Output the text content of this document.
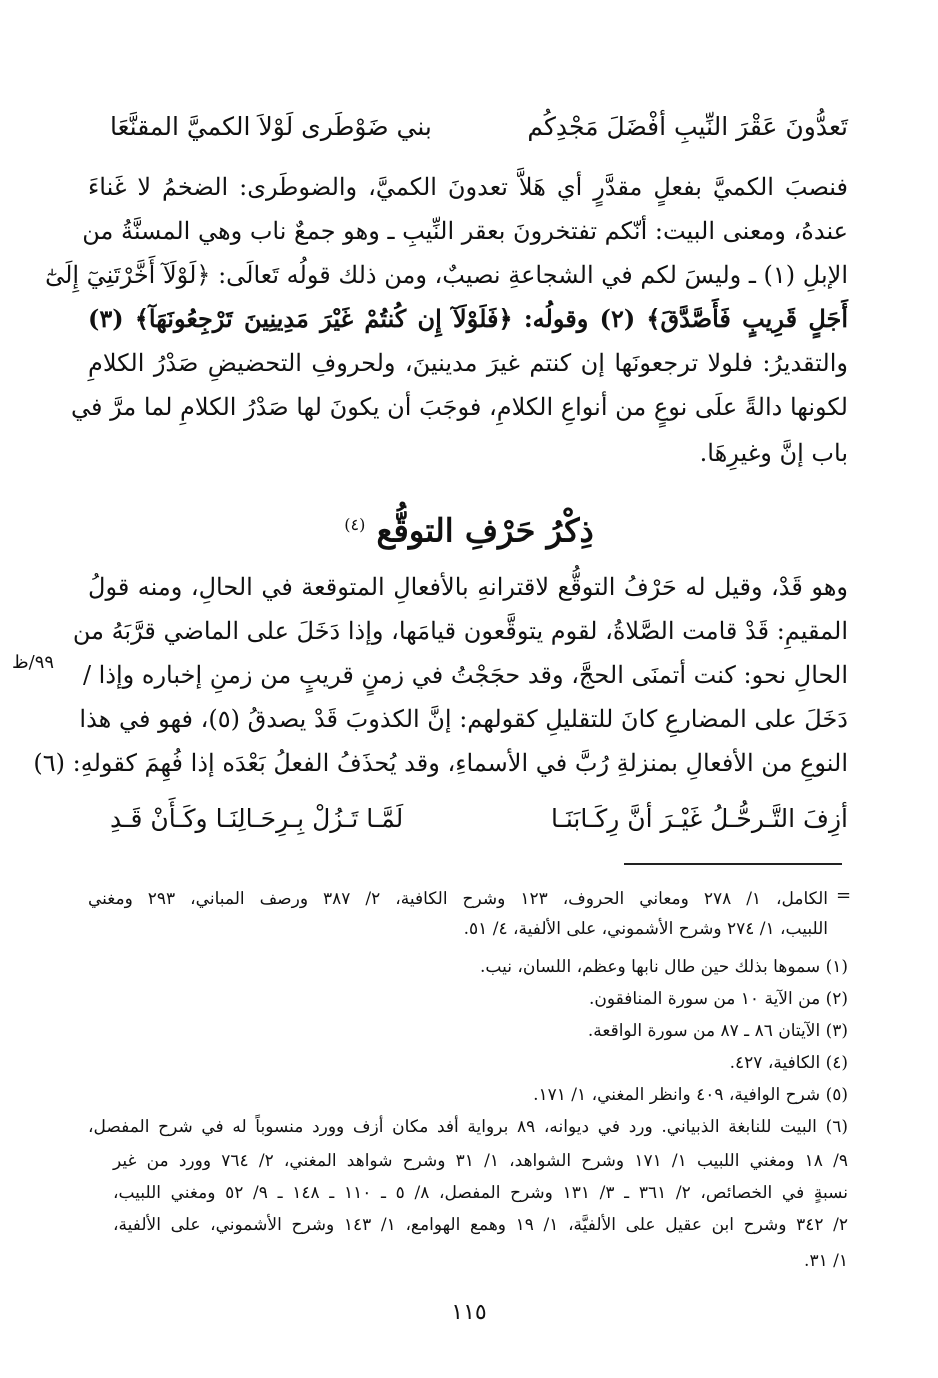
تَعدُّونَ عَقْرَ النِّيبِ أفْضَلَ مَجْدِكُم
بني ضَوْطَرى لَوْلاَ الكميَّ المقنَّعَا
فنصبَ الكميَّ بفعلٍ مقدَّرٍ أي هَلاَّ تعدونَ الكميَّ، والضوطَرى: الضخمُ لا غَناءَ
عندهُ، ومعنى البيت: أنّكم تفتخرونَ بعقر النِّيبِ ـ وهو جمعٌ ناب وهي المسنَّةُ من
الإبلِ (١) ـ وليسَ لكم في الشجاعةِ نصيبٌ، ومن ذلك قولُه تَعالَى: ﴿لَوْلَآ أَخَّرْتَنِيٓ إِلَىٰٓ
أَجَلٍ قَرِيبٍ فَأَصَّدَّقَ﴾ (٢) وقولُه: ﴿فَلَوْلَآ إِن كُنتُمْ غَيْرَ مَدِينِينَ تَرْجِعُونَهَآ﴾ (٣)
والتقديرُ: فلولا ترجعونَها إن كنتم غيرَ مدينينَ، ولحروفِ التحضيضِ صَدْرُ الكلامِ
لكونها دالةً علَى نوعٍ من أنواعِ الكلامِ، فوجَبَ أن يكونَ لها صَدْرُ الكلامِ لما مرَّ في
باب إنَّ وغيرِهَا.
ذِكْرُ حَرْفِ التوقُّع $^{(٤)}$
٩٩/ظ
وهو قَدْ، وقيل له حَرْفُ التوقُّع لاقترانهِ بالأفعالِ المتوقعة في الحالِ، ومنه قولُ
المقيمِ: قَدْ قامت الصَّلاةُ، لقوم يتوقَّعون قيامَها، وإذا دَخَلَ على الماضي قرَّبَهُ من
الحالِ نحو: كنت أتمنَى الحجَّ، وقد حجَجْتُ في زمنٍ قريبٍ من زمنِ إخباره وإذا /
دَخَلَ على المضارعِ كانَ للتقليلِ كقولهم: إنَّ الكذوبَ قَدْ يصدقُ (٥)، فهو في هذا
النوعِ من الأفعالِ بمنزلةِ رُبَّ في الأسماءِ، وقد يُحذَفُ الفعلُ بَعْدَه إذا فُهِمَ كقولهِ: (٦)
أزِفَ التَّـرحُّـلُ غَيْـرَ أنَّ رِكَـابَنَـا
لَمَّـا تَـزُلْ بِـرِحَـالِنَـا وكَـأَنْ قَـدِ
=
الكامل، ١/ ٢٧٨ ومعاني الحروف، ١٢٣ وشرح الكافية، ٢/ ٣٨٧ ورصف المباني، ٢٩٣ ومغني
اللبيب، ١/ ٢٧٤ وشرح الأشموني، على الألفية، ٤/ ٥١.
(١) سموها بذلك حين طال نابها وعظم، اللسان، نيب.
(٢) من الآية ١٠ من سورة المنافقون.
(٣) الآيتان ٨٦ ـ ٨٧ من سورة الواقعة.
(٤) الكافية، ٤٢٧.
(٥) شرح الوافية، ٤٠٩ وانظر المغني، ١/ ١٧١.
(٦) البيت للنابغة الذبياني. ورد في ديوانه، ٨٩ برواية أفد مكان أزف وورد منسوباً له في شرح المفصل،
٩/ ١٨ ومغني اللبيب ١/ ١٧١ وشرح الشواهد، ١/ ٣١ وشرح شواهد المغني، ٢/ ٧٦٤ وورد من غير
نسبةٍ في الخصائص، ٢/ ٣٦١ ـ ٣/ ١٣١ وشرح المفصل، ٨/ ٥ ـ ١١٠ ـ ١٤٨ ـ ٩/ ٥٢ ومغني اللبيب،
٢/ ٣٤٢ وشرح ابن عقيل على الألفيَّة، ١/ ١٩ وهمع الهوامع، ١/ ١٤٣ وشرح الأشموني، على الألفية،
١/ ٣١.
١١٥
